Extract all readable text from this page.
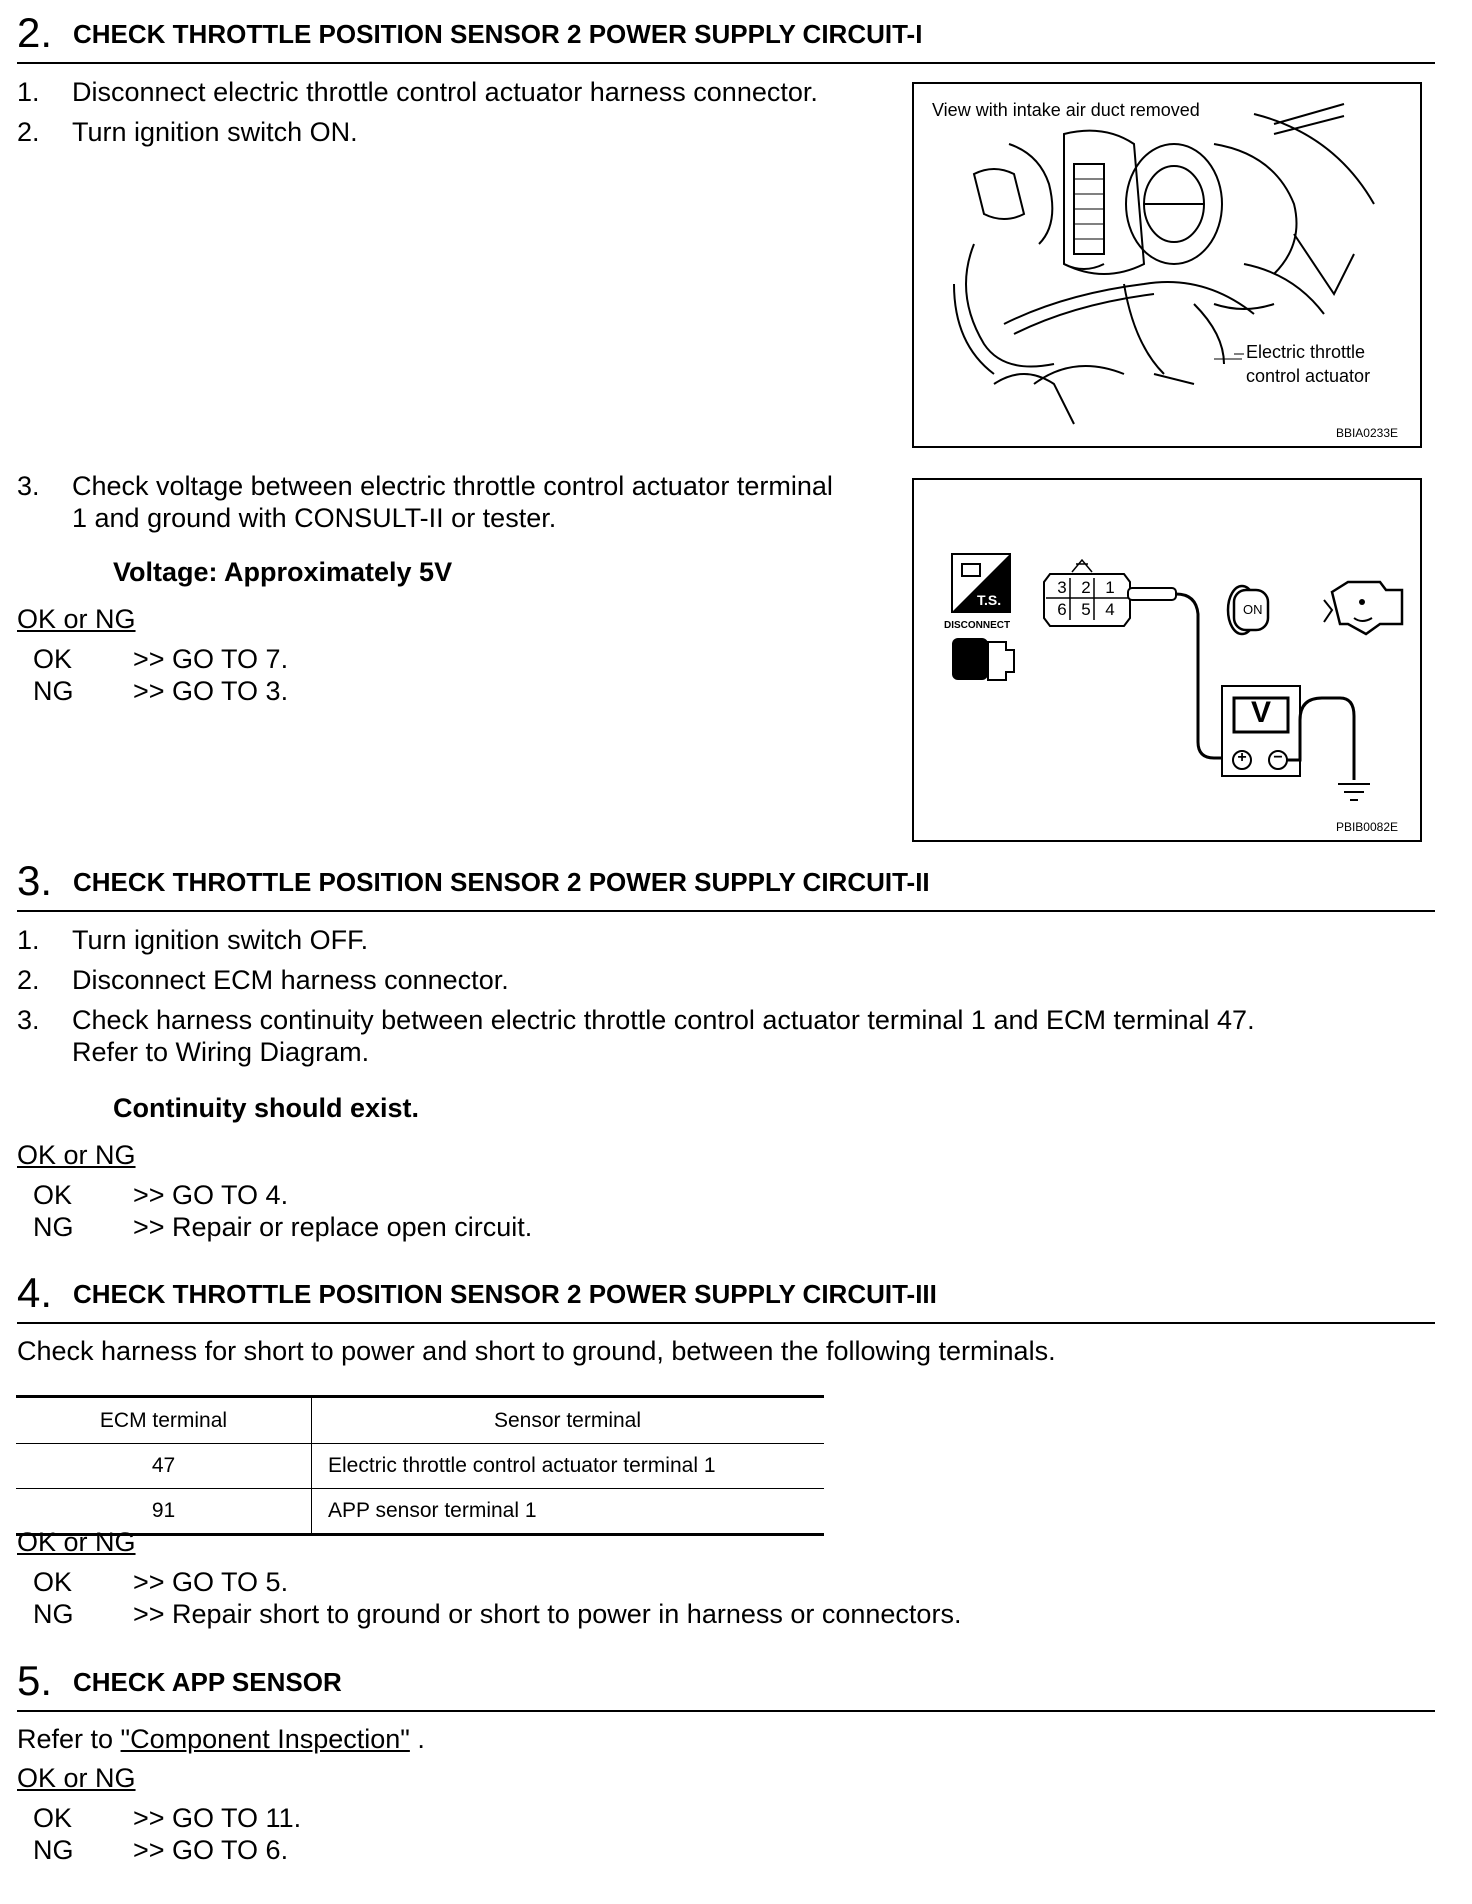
2. CHECK THROTTLE POSITION SENSOR 2 POWER SUPPLY CIRCUIT-I
1. Disconnect electric throttle control actuator harness connector.
2. Turn ignition switch ON.
View with intake air duct removed
Electric throttle
control actuator
BBIA0233E
3. Check voltage between electric throttle control actuator terminal
1 and ground with CONSULT-II or tester.
Voltage: Approximately 5V
OK or NG
OK >> GO TO 7.
NG >> GO TO 3.
T.S.
DISCONNECT
3 2 1
6 5 4	ON
V
+ −
PBIB0082E
3. CHECK THROTTLE POSITION SENSOR 2 POWER SUPPLY CIRCUIT-II
1. Turn ignition switch OFF.
2. Disconnect ECM harness connector.
3. Check harness continuity between electric throttle control actuator terminal 1 and ECM terminal 47.
Refer to Wiring Diagram.
Continuity should exist.
OK or NG
OK >> GO TO 4.
NG >> Repair or replace open circuit.
4. CHECK THROTTLE POSITION SENSOR 2 POWER SUPPLY CIRCUIT-III
Check harness for short to power and short to ground, between the following terminals.
ECM terminal	Sensor terminal
47	Electric throttle control actuator terminal 1
91	APP sensor terminal 1
OK or NG
OK >> GO TO 5.
NG >> Repair short to ground or short to power in harness or connectors.
5. CHECK APP SENSOR
Refer to "Component Inspection" .
OK or NG
OK >> GO TO 11.
NG >> GO TO 6.
